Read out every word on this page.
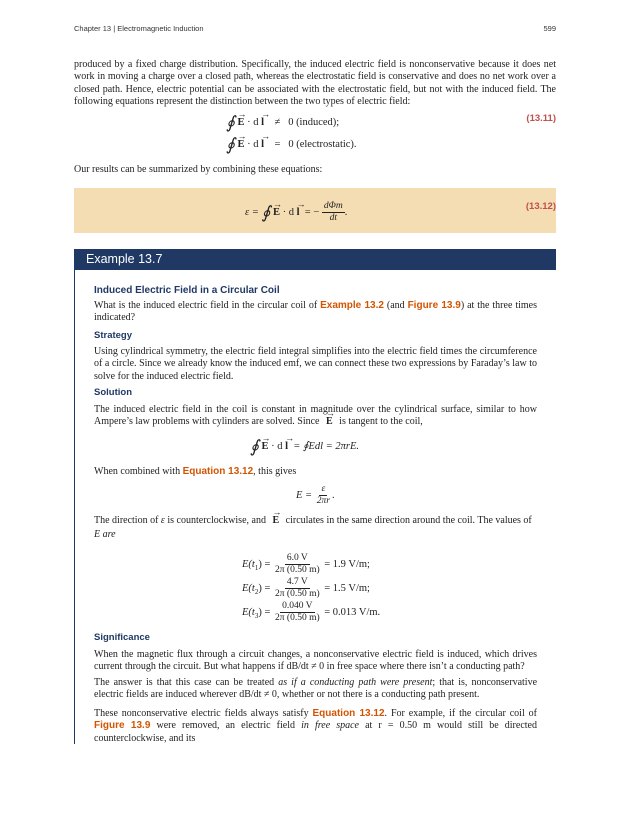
Chapter 13 | Electromagnetic Induction	599

produced by a fixed charge distribution. Specifically, the induced electric field is nonconservative because it does net work in moving a charge over a closed path, whereas the electrostatic field is conservative and does no net work over a closed path. Hence, electric potential can be associated with the electrostatic field, but not with the induced field. The following equations represent the distinction between the two types of electric field:

∮ → E · d → l ≠ 0 (induced);	(13.11)
∮ → E · d → l = 0 (electrostatic).

Our results can be summarized by combining these equations:

ε = ∮ → E · d → l  = − $\frac{\text{dΦm}}{dt}$ .
(13.12)
Example 13.7
Induced Electric Field in a Circular Coil

What is the induced electric field in the circular coil of Example 13.2 (and Figure 13.9) at the three times indicated?

Strategy

Using cylindrical symmetry, the electric field integral simplifies into the electric field times the circumference of a circle. Since we already know the induced emf, we can connect these two expressions by Faraday’s law to solve for the induced electric field.

Solution

The induced electric field in the coil is constant in magnitude over the cylindrical surface, similar to how Ampere’s law problems with cylinders are solved. Since → E is tangent to the coil,

∮ → E · d → l = ∮Edl = 2πrE.

When combined with Equation 13.12, this gives

$E = \frac{\varepsilon}{2\pi r}$ .

The direction of ε is counterclockwise, and → E circulates in the same direction around the coil. The values of
E are

$E(t_1) = \frac{6.0 V}{2\pi (0.50 m)} = 1.9$ V/m;
$E(t_2) = \frac{4.7 V}{2\pi (0.50 m)} = 1.5$ V/m;
$E(t_3) = \frac{0.040 V}{2\pi (0.50 m)} = 0.013$ V/m.
Significance

When the magnetic flux through a circuit changes, a nonconservative electric field is induced, which drives current through the circuit. But what happens if dB/dt ≠ 0 in free space where there isn’t a conducting path?

The answer is that this case can be treated as if a conducting path were present; that is, nonconservative electric fields are induced wherever dB/dt ≠ 0, whether or not there is a conducting path present.

These nonconservative electric fields always satisfy Equation 13.12. For example, if the circular coil of Figure 13.9 were removed, an electric field in free space at r = 0.50 m would still be directed counterclockwise, and its
